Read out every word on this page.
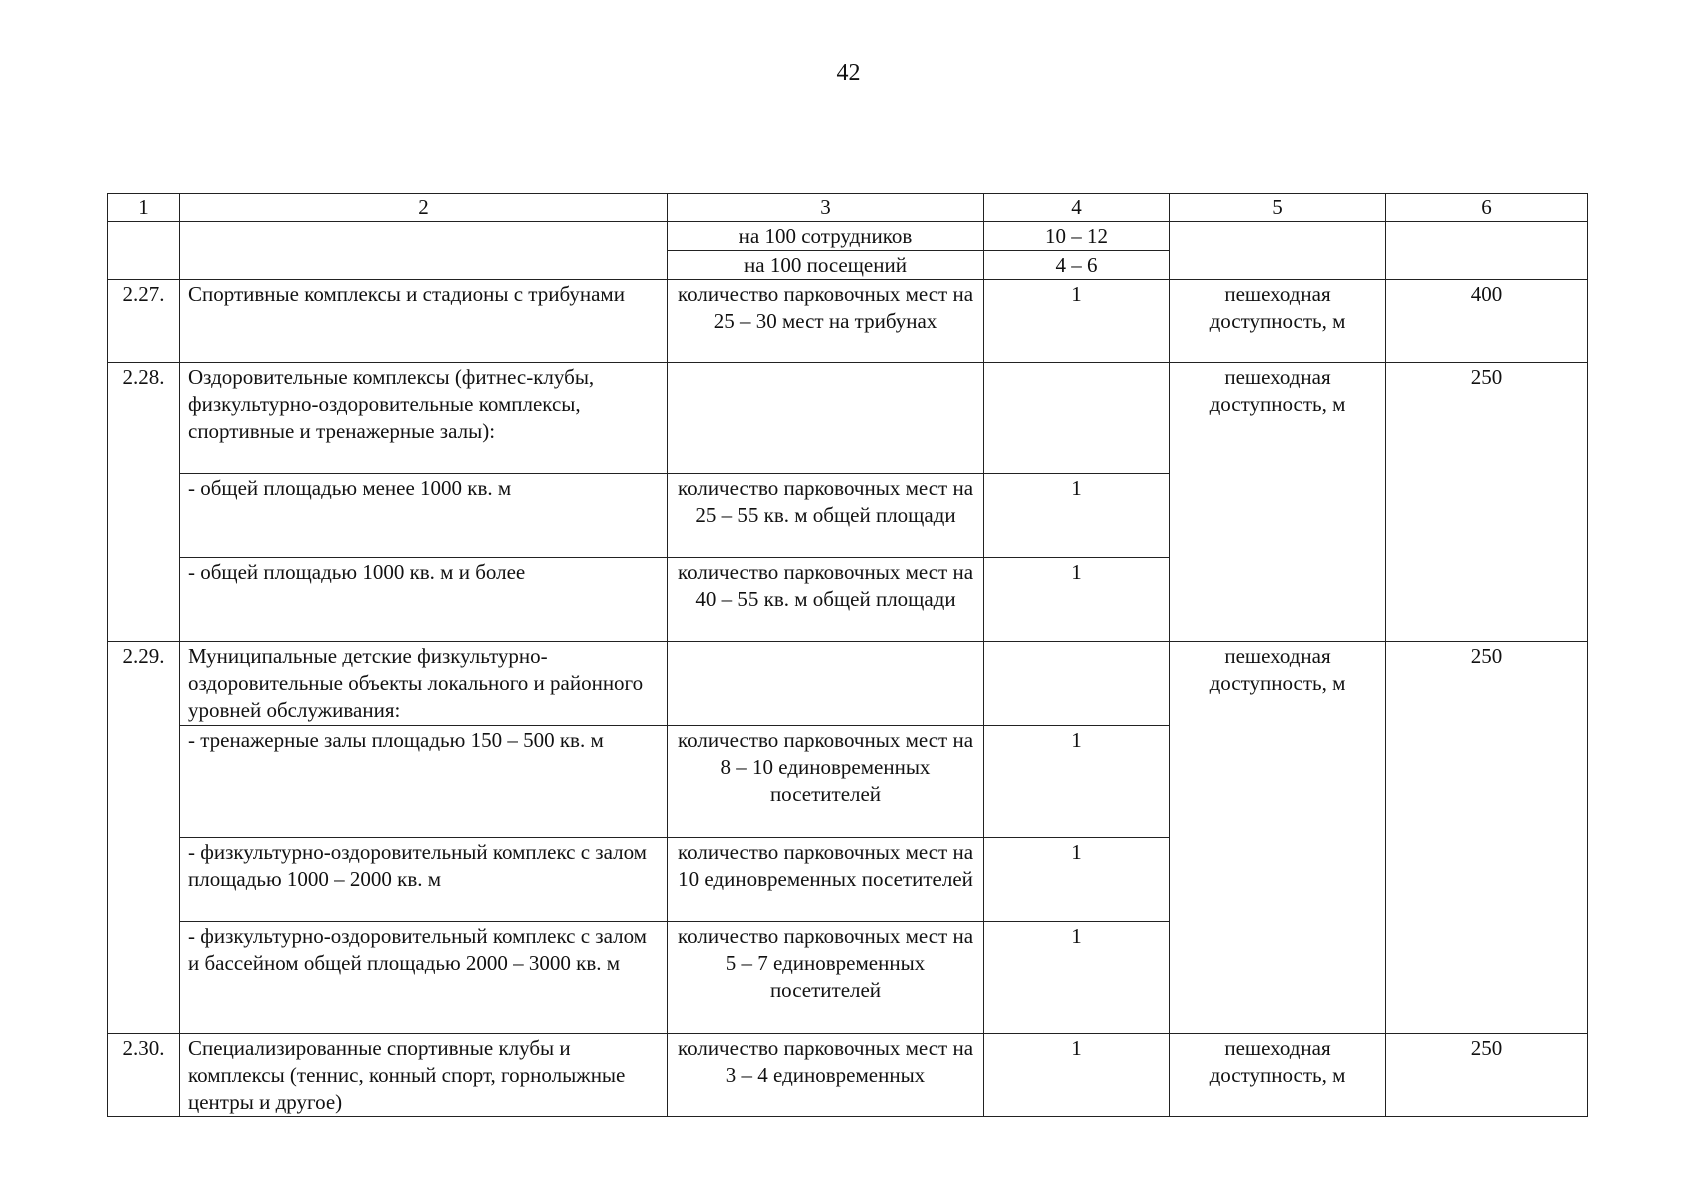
42
1	2	3	4	5	6
		на 100 сотрудников	10 – 12		
		на 100 посещений	4 – 6		
2.27.	Спортивные комплексы и стадионы с трибунами	количество парковочных мест на 25 – 30 мест на трибунах	1	пешеходная доступность, м	400
2.28.	Оздоровительные комплексы (фитнес-клубы, физкультурно-оздоровительные комплексы, спортивные и тренажерные залы):			пешеходная доступность, м	250
	- общей площадью менее 1000 кв. м	количество парковочных мест на 25 – 55 кв. м общей площади	1		
	- общей площадью 1000 кв. м и более	количество парковочных мест на 40 – 55 кв. м общей площади	1		
2.29.	Муниципальные детские физкультурно-оздоровительные объекты локального и районного уровней обслуживания:			пешеходная доступность, м	250
	- тренажерные залы площадью 150 – 500 кв. м	количество парковочных мест на 8 – 10 единовременных посетителей	1		
	- физкультурно-оздоровительный комплекс с залом площадью 1000 – 2000 кв. м	количество парковочных мест на 10 единовременных посетителей	1		
	- физкультурно-оздоровительный комплекс с залом и бассейном общей площадью 2000 – 3000 кв. м	количество парковочных мест на 5 – 7 единовременных посетителей	1		
2.30.	Специализированные спортивные клубы и комплексы (теннис, конный спорт, горнолыжные центры и другое)	количество парковочных мест на 3 – 4 единовременных	1	пешеходная доступность, м	250
